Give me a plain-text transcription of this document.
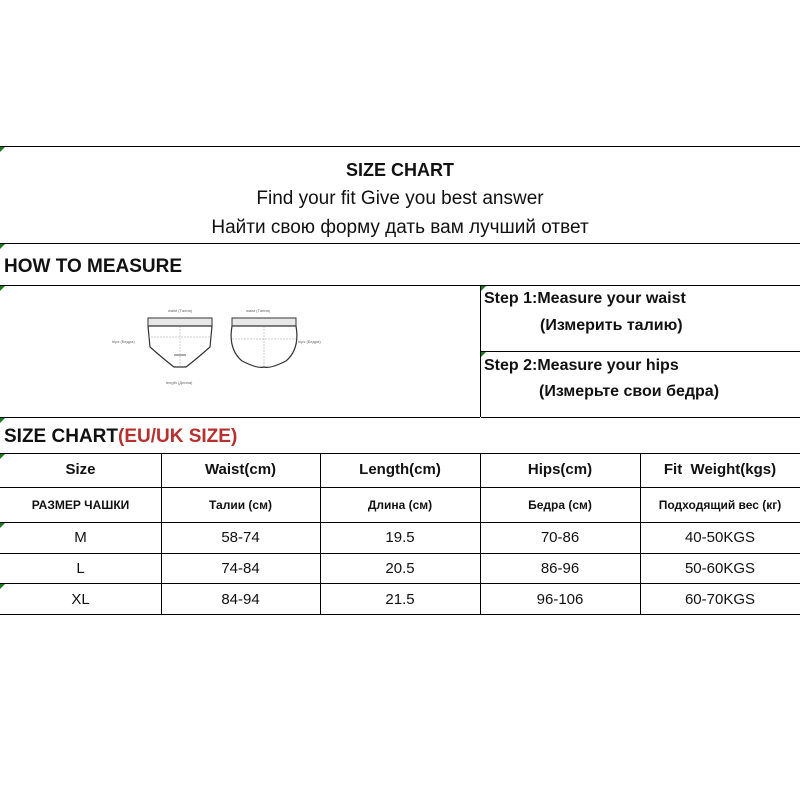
SIZE CHART
Find your fit Give you best answer
Найти свою форму дать вам лучший ответ
HOW TO MEASURE
waist (Талия)	waist (Талия)
hips (Бедра)	hips (Бедра)
length (Длина)
Step 1:Measure your waist
(Измерить талию)
Step 2:Measure your hips
(Измерьте свои бедра)
SIZE CHART(EU/UK SIZE)
Size	Waist(cm)	Length(cm)	Hips(cm)	Fit  Weight(kgs)
РАЗМЕР ЧАШКИ	Талии (см)	Длина (см)	Бедра (см)	Подходящий вес (кг)
M	58-74	19.5	70-86	40-50KGS
L	74-84	20.5	86-96	50-60KGS
XL	84-94	21.5	96-106	60-70KGS
